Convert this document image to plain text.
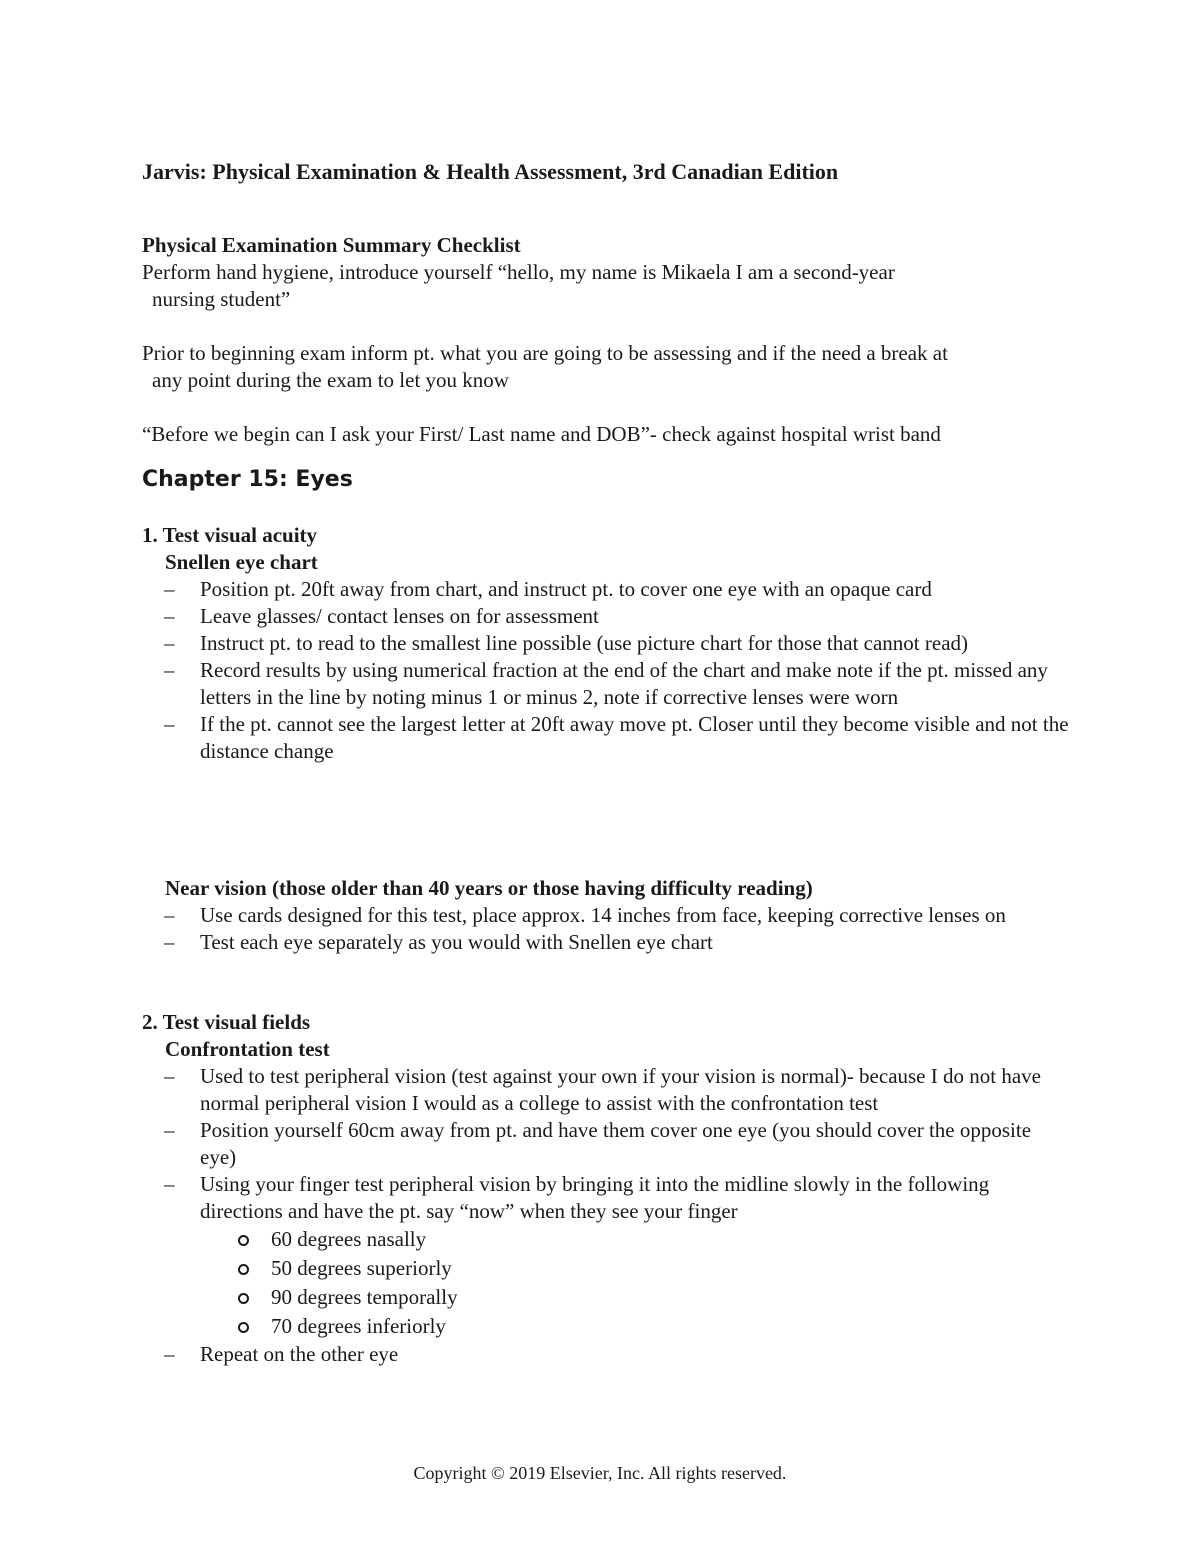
Jarvis: Physical Examination & Health Assessment, 3rd Canadian Edition
Physical Examination Summary Checklist
Perform hand hygiene, introduce yourself “hello, my name is Mikaela I am a second-year
nursing student”
Prior to beginning exam inform pt. what you are going to be assessing and if the need a break at
any point during the exam to let you know
“Before we begin can I ask your First/ Last name and DOB”- check against hospital wrist band
Chapter 15: Eyes
1. Test visual acuity
Snellen eye chart
– Position pt. 20ft away from chart, and instruct pt. to cover one eye with an opaque card
– Leave glasses/ contact lenses on for assessment
– Instruct pt. to read to the smallest line possible (use picture chart for those that cannot read)
– Record results by using numerical fraction at the end of the chart and make note if the pt. missed any letters in the line by noting minus 1 or minus 2, note if corrective lenses were worn
– If the pt. cannot see the largest letter at 20ft away move pt. Closer until they become visible and not the distance change
Near vision (those older than 40 years or those having difficulty reading)
– Use cards designed for this test, place approx. 14 inches from face, keeping corrective lenses on
– Test each eye separately as you would with Snellen eye chart
2. Test visual fields
Confrontation test
– Used to test peripheral vision (test against your own if your vision is normal)- because I do not have normal peripheral vision I would as a college to assist with the confrontation test
– Position yourself 60cm away from pt. and have them cover one eye (you should cover the opposite eye)
– Using your finger test peripheral vision by bringing it into the midline slowly in the following directions and have the pt. say “now” when they see your finger
60 degrees nasally
50 degrees superiorly
90 degrees temporally
70 degrees inferiorly
– Repeat on the other eye
Copyright © 2019 Elsevier, Inc. All rights reserved.
